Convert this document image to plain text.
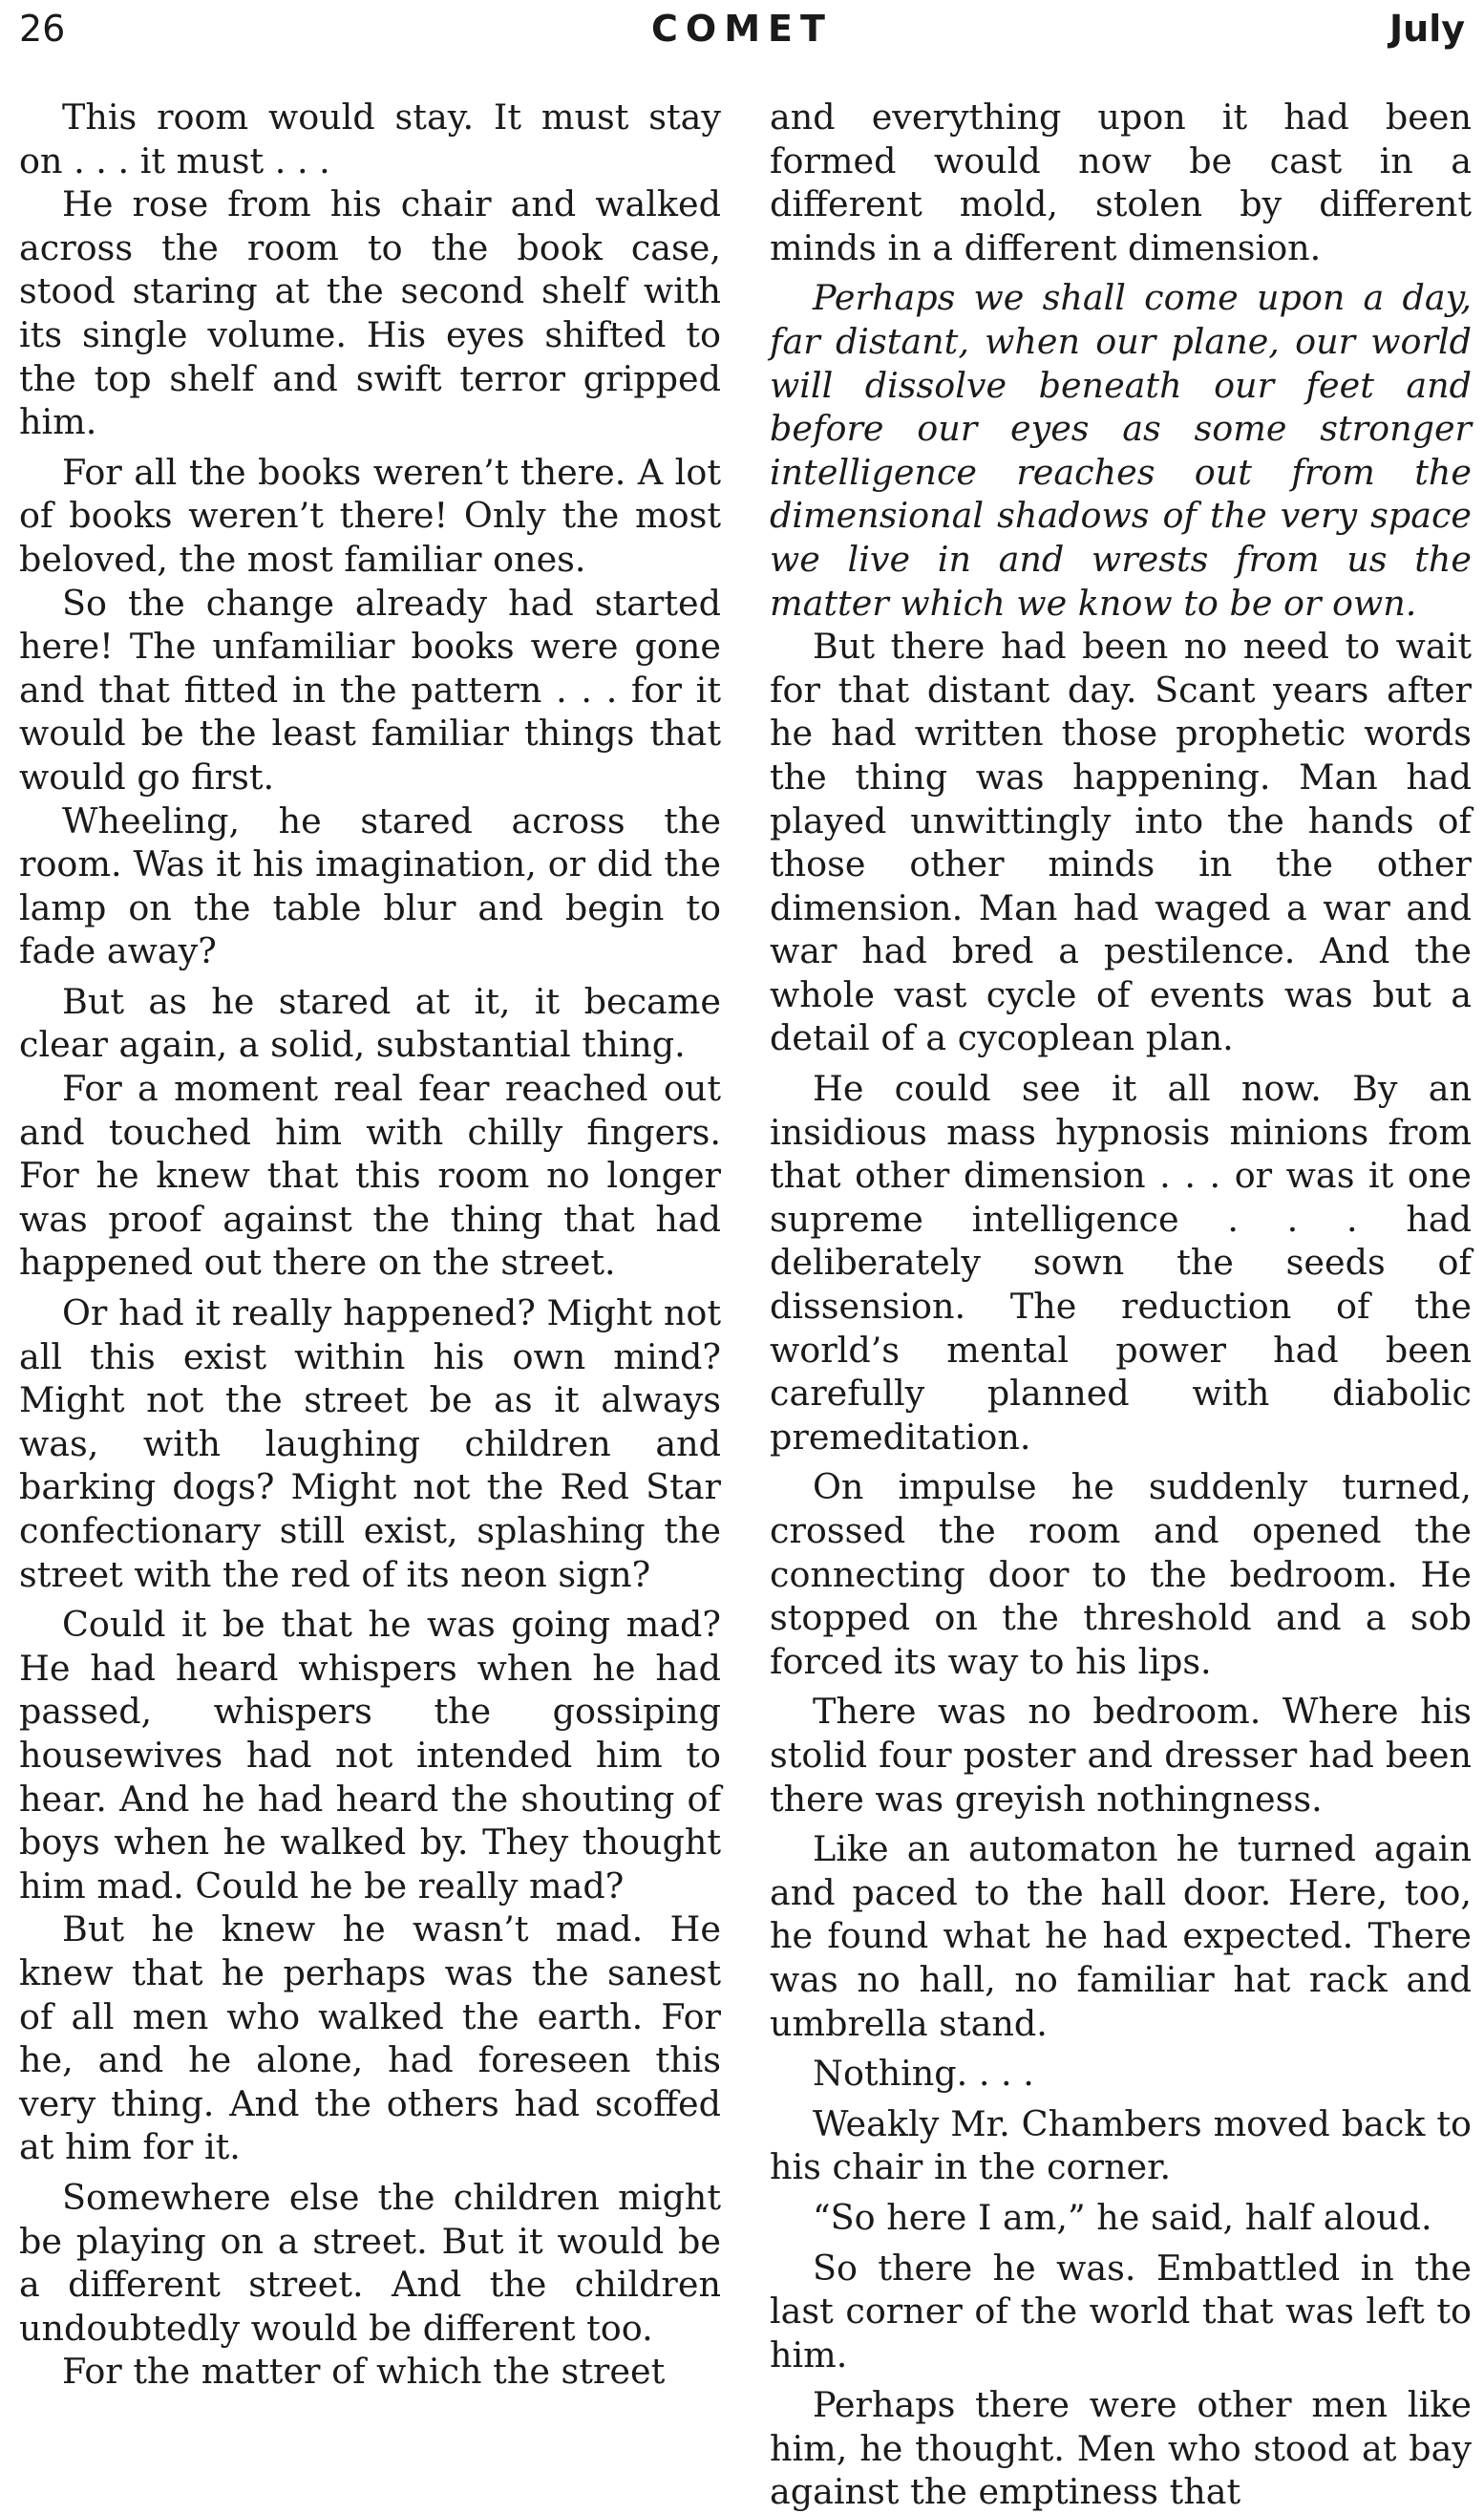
26	COMET	July

This room would stay. It must stay on . . . it must . . .

He rose from his chair and walked across the room to the book case, stood staring at the second shelf with its single volume. His eyes shifted to the top shelf and swift terror gripped him.

For all the books weren’t there. A lot of books weren’t there! Only the most beloved, the most familiar ones.

So the change already had started here! The unfamiliar books were gone and that fitted in the pattern . . . for it would be the least familiar things that would go first.

Wheeling, he stared across the room. Was it his imagination, or did the lamp on the table blur and begin to fade away?

But as he stared at it, it became clear again, a solid, substantial thing.

For a moment real fear reached out and touched him with chilly fingers. For he knew that this room no longer was proof against the thing that had happened out there on the street.

Or had it really happened? Might not all this exist within his own mind? Might not the street be as it always was, with laughing children and barking dogs? Might not the Red Star confectionary still exist, splashing the street with the red of its neon sign?

Could it be that he was going mad? He had heard whispers when he had passed, whispers the gossiping housewives had not intended him to hear. And he had heard the shouting of boys when he walked by. They thought him mad. Could he be really mad?

But he knew he wasn’t mad. He knew that he perhaps was the sanest of all men who walked the earth. For he, and he alone, had foreseen this very thing. And the others had scoffed at him for it.

Somewhere else the children might be playing on a street. But it would be a different street. And the children undoubtedly would be different too.

For the matter of which the street

and everything upon it had been formed would now be cast in a different mold, stolen by different minds in a different dimension.

Perhaps we shall come upon a day, far distant, when our plane, our world will dissolve beneath our feet and before our eyes as some stronger intelligence reaches out from the dimensional shadows of the very space we live in and wrests from us the matter which we know to be or own.

But there had been no need to wait for that distant day. Scant years after he had written those prophetic words the thing was happening. Man had played unwittingly into the hands of those other minds in the other dimension. Man had waged a war and war had bred a pestilence. And the whole vast cycle of events was but a detail of a cycoplean plan.

He could see it all now. By an insidious mass hypnosis minions from that other dimension . . . or was it one supreme intelligence . . . had deliberately sown the seeds of dissension. The reduction of the world’s mental power had been carefully planned with diabolic premeditation.

On impulse he suddenly turned, crossed the room and opened the connecting door to the bedroom. He stopped on the threshold and a sob forced its way to his lips.

There was no bedroom. Where his stolid four poster and dresser had been there was greyish nothingness.

Like an automaton he turned again and paced to the hall door. Here, too, he found what he had expected. There was no hall, no familiar hat rack and umbrella stand.

Nothing. . . .

Weakly Mr. Chambers moved back to his chair in the corner.

“So here I am,” he said, half aloud.

So there he was. Embattled in the last corner of the world that was left to him.

Perhaps there were other men like him, he thought. Men who stood at bay against the emptiness that
